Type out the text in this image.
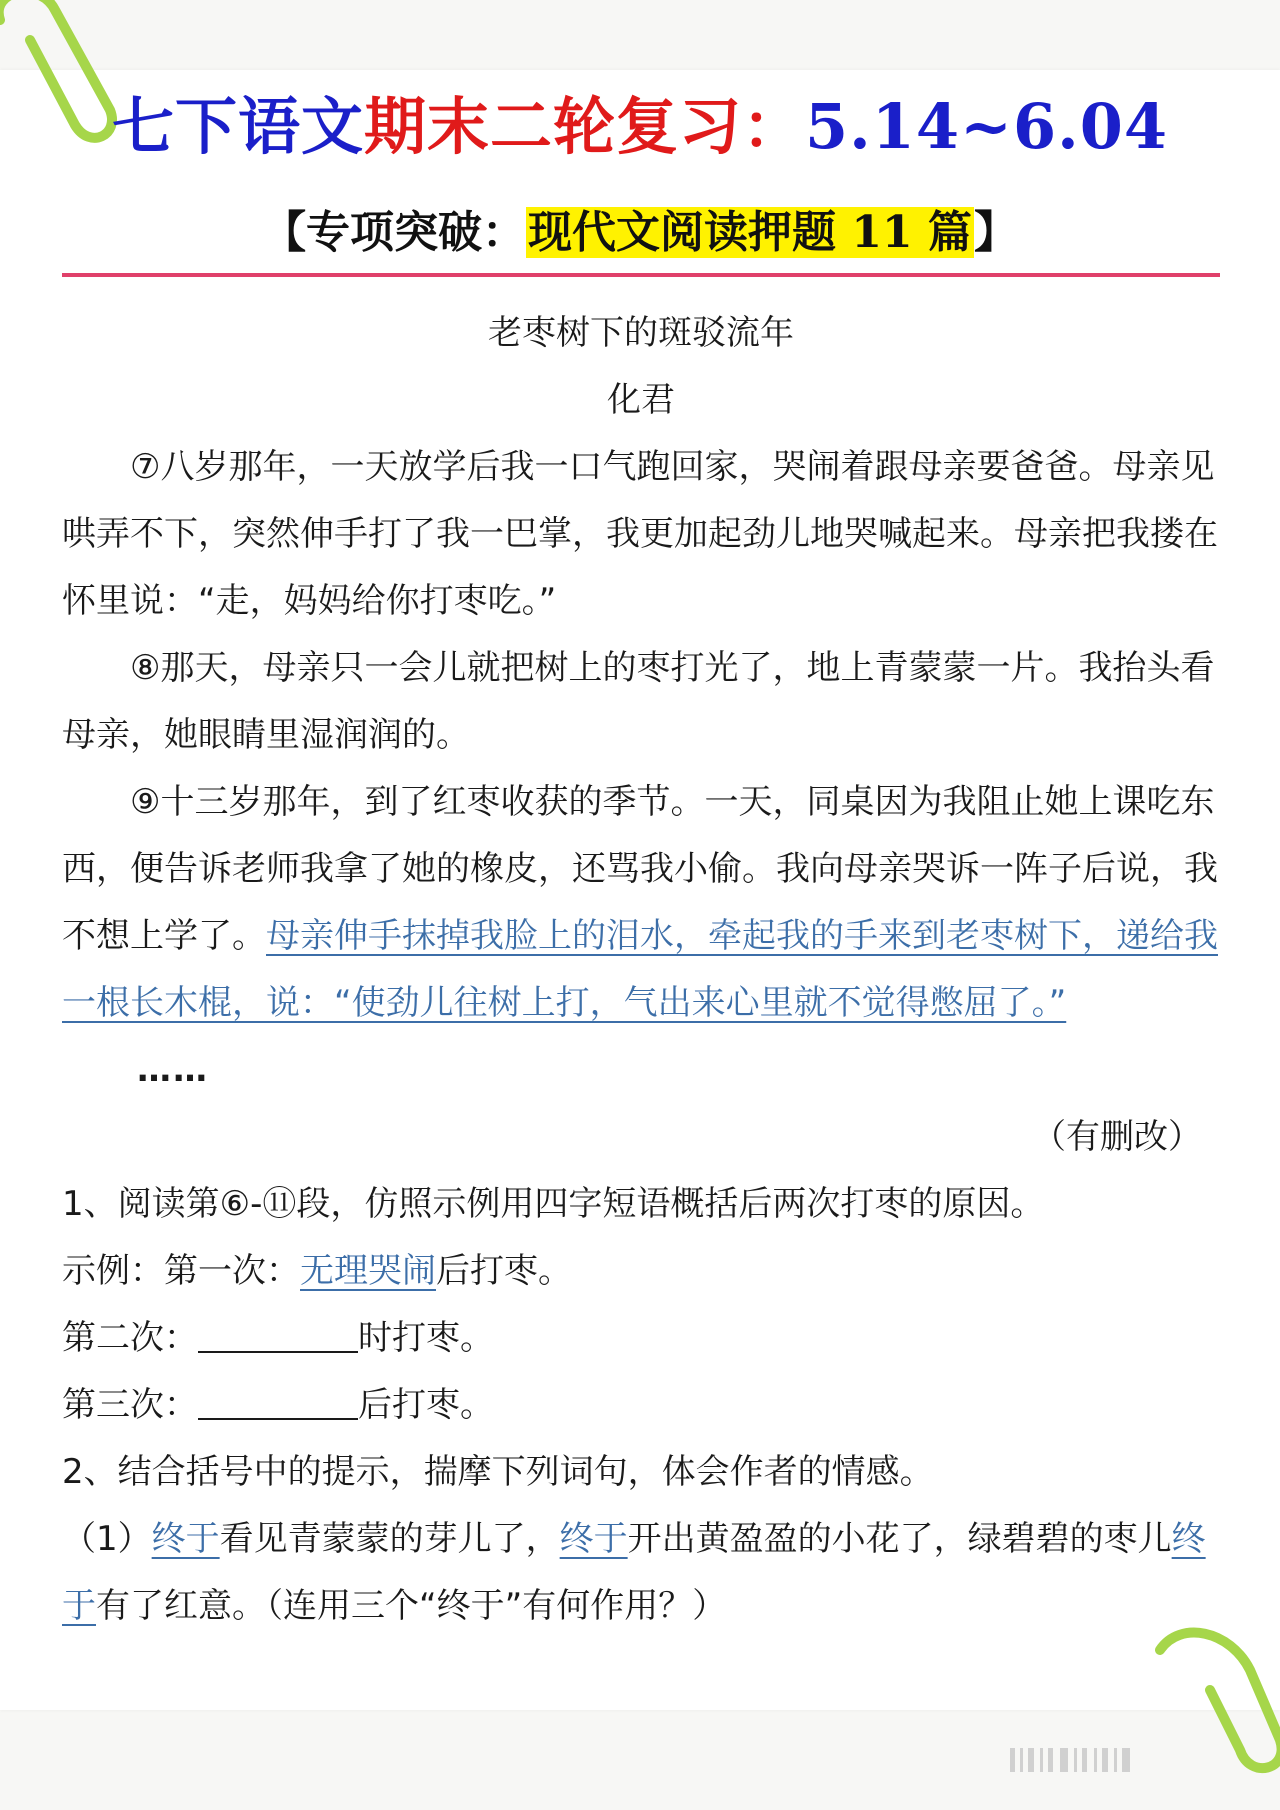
七下语文期末二轮复习：5.14~6.04
【专项突破：现代文阅读押题 11 篇】

老枣树下的斑驳流年

化君

⑦八岁那年，一天放学后我一口气跑回家，哭闹着跟母亲要爸爸。母亲见哄弄不下，突然伸手打了我一巴掌，我更加起劲儿地哭喊起来。母亲把我搂在怀里说：“走，妈妈给你打枣吃。”

⑧那天，母亲只一会儿就把树上的枣打光了，地上青蒙蒙一片。我抬头看母亲，她眼睛里湿润润的。

⑨十三岁那年，到了红枣收获的季节。一天，同桌因为我阻止她上课吃东西，便告诉老师我拿了她的橡皮，还骂我小偷。我向母亲哭诉一阵子后说，我不想上学了。母亲伸手抹掉我脸上的泪水，牵起我的手来到老枣树下，递给我一根长木棍，说：“使劲儿往树上打，气出来心里就不觉得憋屈了。”

……

（有删改）

1、阅读第⑥-⑪段，仿照示例用四字短语概括后两次打枣的原因。

示例：第一次：无理哭闹后打枣。

第二次：	时打枣。

第三次：	后打枣。

2、结合括号中的提示，揣摩下列词句，体会作者的情感。

（1）终于看见青蒙蒙的芽儿了，终于开出黄盈盈的小花了，绿碧碧的枣儿终于有了红意。（连用三个“终于”有何作用？）
